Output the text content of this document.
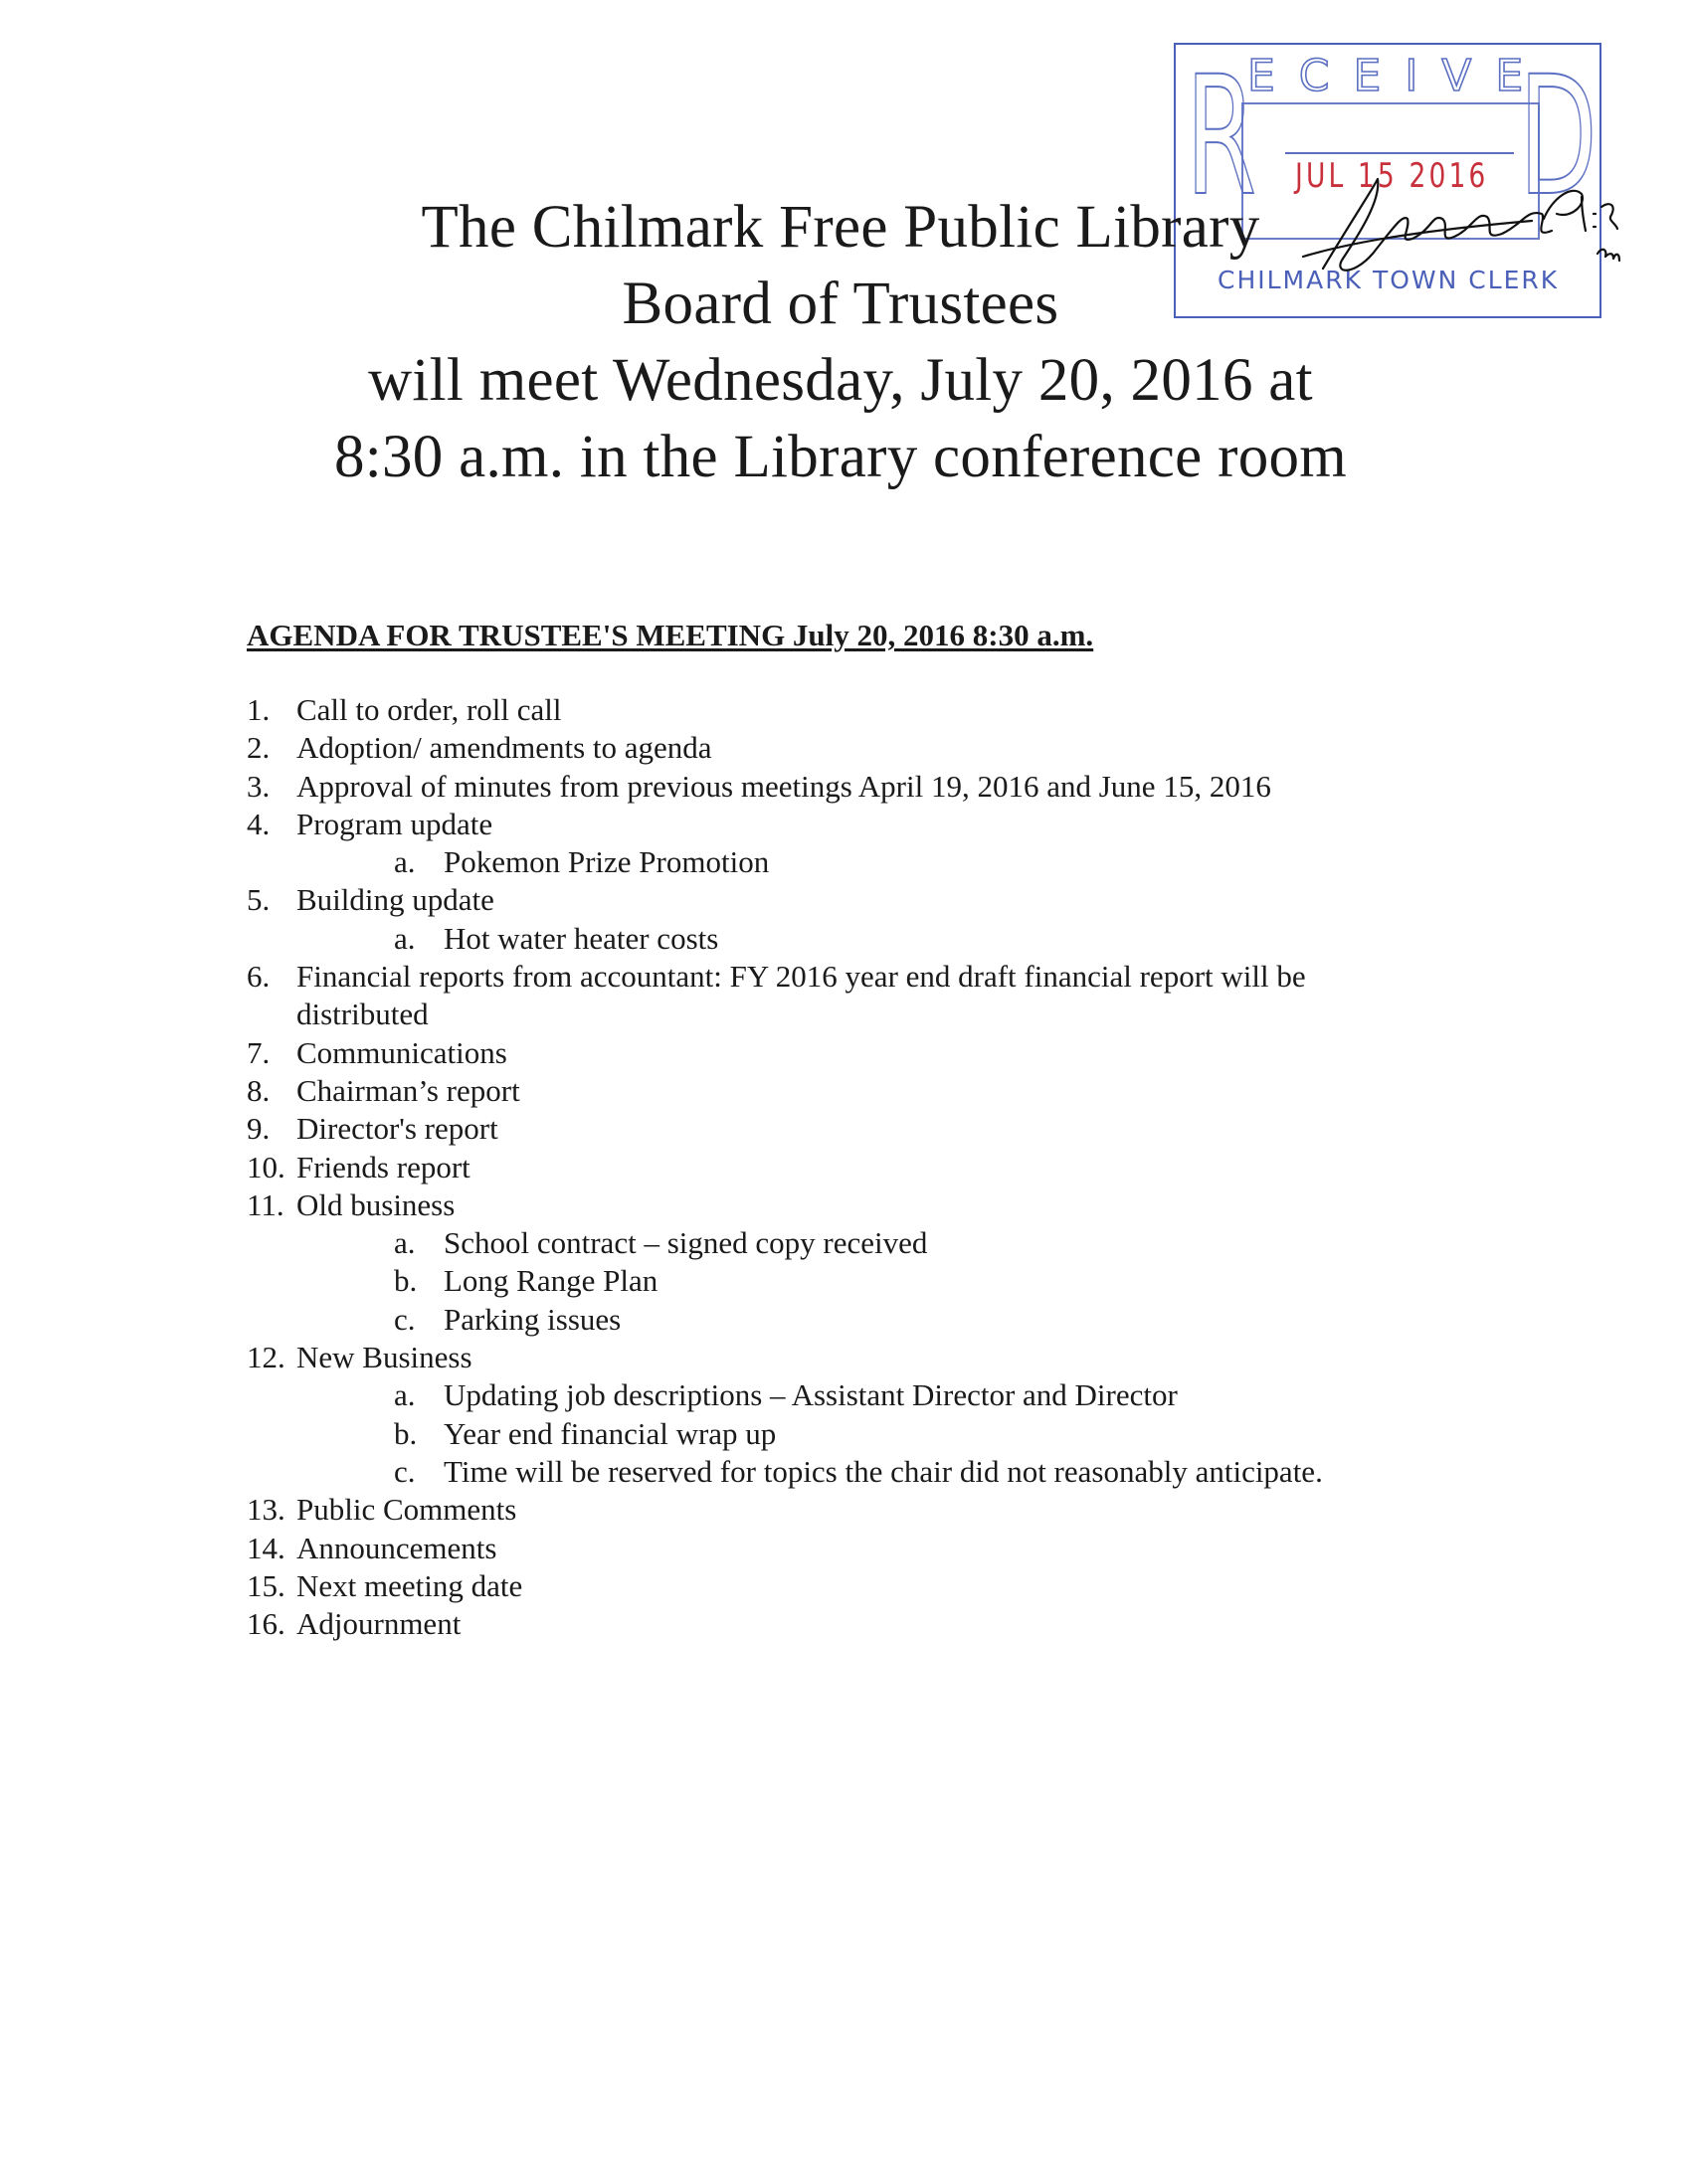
R D
ECEIVE
JUL 15 2016
CHILMARK TOWN CLERK
The Chilmark Free Public Library
Board of Trustees
will meet Wednesday, July 20, 2016 at
8:30 a.m. in the Library conference room
AGENDA FOR TRUSTEE'S MEETING July 20, 2016 8:30 a.m.
1. Call to order, roll call
2. Adoption/ amendments to agenda
3. Approval of minutes from previous meetings April 19, 2016 and June 15, 2016
4. Program update
a. Pokemon Prize Promotion
5. Building update
a. Hot water heater costs
6. Financial reports from accountant: FY 2016 year end draft financial report will be distributed
7. Communications
8. Chairman’s report
9. Director's report
10. Friends report
11. Old business
a. School contract – signed copy received
b. Long Range Plan
c. Parking issues
12. New Business
a. Updating job descriptions – Assistant Director and Director
b. Year end financial wrap up
c. Time will be reserved for topics the chair did not reasonably anticipate.
13. Public Comments
14. Announcements
15. Next meeting date
16. Adjournment
